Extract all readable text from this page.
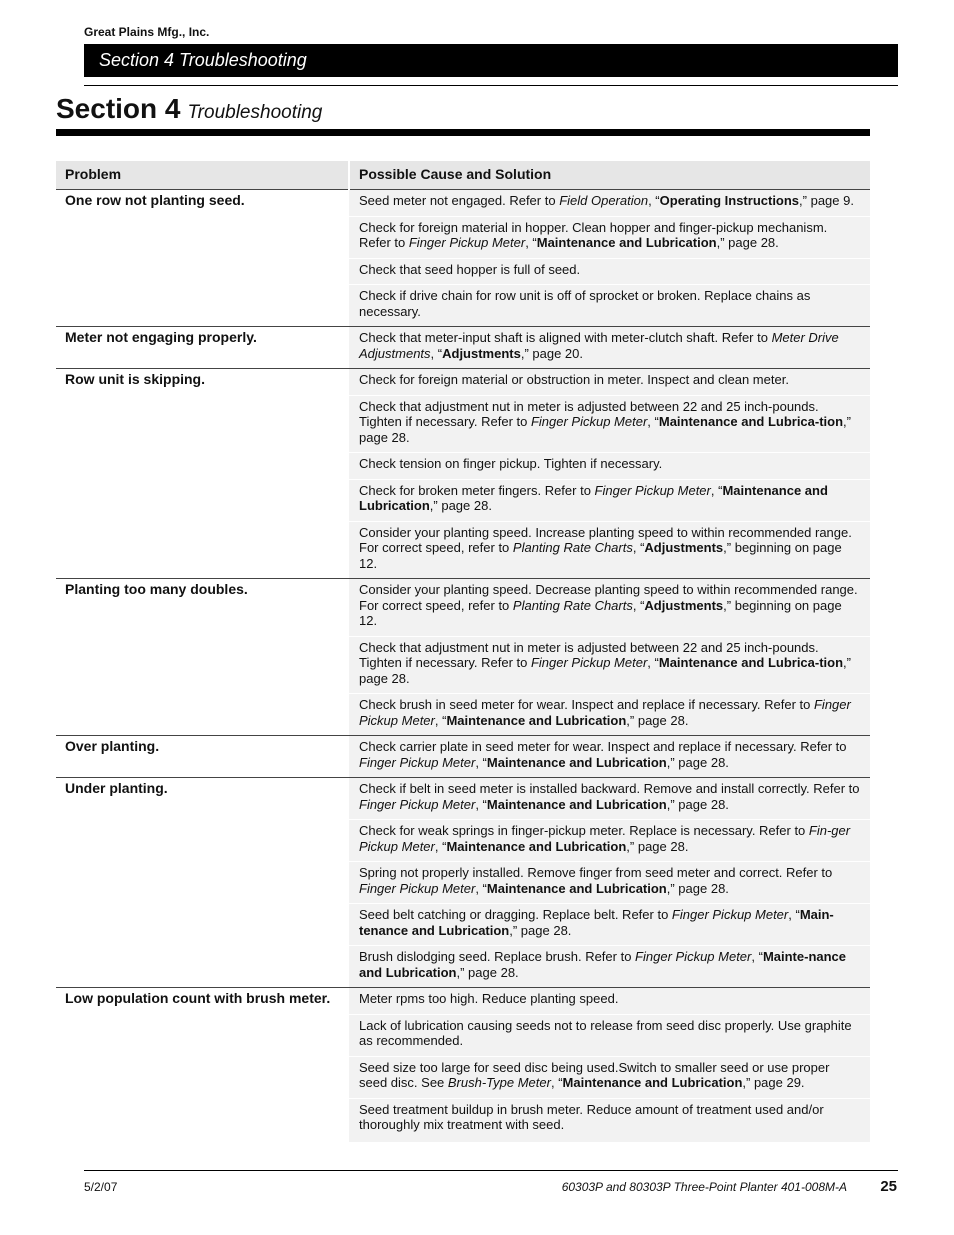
Great Plains Mfg., Inc.
Section 4 Troubleshooting
Section 4 Troubleshooting
Problem	Possible Cause and Solution
One row not planting seed.	Seed meter not engaged. Refer to Field Operation, “Operating Instructions,” page 9.
	Check for foreign material in hopper. Clean hopper and finger-pickup mechanism. Refer to Finger Pickup Meter, “Maintenance and Lubrication,” page 28.
	Check that seed hopper is full of seed.
	Check if drive chain for row unit is off of sprocket or broken. Replace chains as necessary.
Meter not engaging properly.	Check that meter-input shaft is aligned with meter-clutch shaft. Refer to Meter Drive Adjustments, “Adjustments,” page 20.
Row unit is skipping.	Check for foreign material or obstruction in meter. Inspect and clean meter.
	Check that adjustment nut in meter is adjusted between 22 and 25 inch-pounds. Tighten if necessary. Refer to Finger Pickup Meter, “Maintenance and Lubrica-tion,” page 28.
	Check tension on finger pickup. Tighten if necessary.
	Check for broken meter fingers. Refer to Finger Pickup Meter, “Maintenance and Lubrication,” page 28.
	Consider your planting speed. Increase planting speed to within recommended range. For correct speed, refer to Planting Rate Charts, “Adjustments,” beginning on page 12.
Planting too many doubles.	Consider your planting speed. Decrease planting speed to within recommended range. For correct speed, refer to Planting Rate Charts, “Adjustments,” beginning on page 12.
	Check that adjustment nut in meter is adjusted between 22 and 25 inch-pounds. Tighten if necessary. Refer to Finger Pickup Meter, “Maintenance and Lubrica-tion,” page 28.
	Check brush in seed meter for wear. Inspect and replace if necessary. Refer to Finger Pickup Meter, “Maintenance and Lubrication,” page 28.
Over planting.	Check carrier plate in seed meter for wear. Inspect and replace if necessary. Refer to Finger Pickup Meter, “Maintenance and Lubrication,” page 28.
Under planting.	Check if belt in seed meter is installed backward. Remove and install correctly. Refer to Finger Pickup Meter, “Maintenance and Lubrication,” page 28.
	Check for weak springs in finger-pickup meter. Replace is necessary. Refer to Fin-ger Pickup Meter, “Maintenance and Lubrication,” page 28.
	Spring not properly installed. Remove finger from seed meter and correct. Refer to Finger Pickup Meter, “Maintenance and Lubrication,” page 28.
	Seed belt catching or dragging. Replace belt. Refer to Finger Pickup Meter, “Main-tenance and Lubrication,” page 28.
	Brush dislodging seed. Replace brush. Refer to Finger Pickup Meter, “Mainte-nance and Lubrication,” page 28.
Low population count with brush meter.	Meter rpms too high. Reduce planting speed.
	Lack of lubrication causing seeds not to release from seed disc properly. Use graphite as recommended.
	Seed size too large for seed disc being used.Switch to smaller seed or use proper seed disc. See Brush-Type Meter, “Maintenance and Lubrication,” page 29.
	Seed treatment buildup in brush meter. Reduce amount of treatment used and/or thoroughly mix treatment with seed.
5/2/07	60303P and 80303P Three-Point Planter 401-008M-A 25
